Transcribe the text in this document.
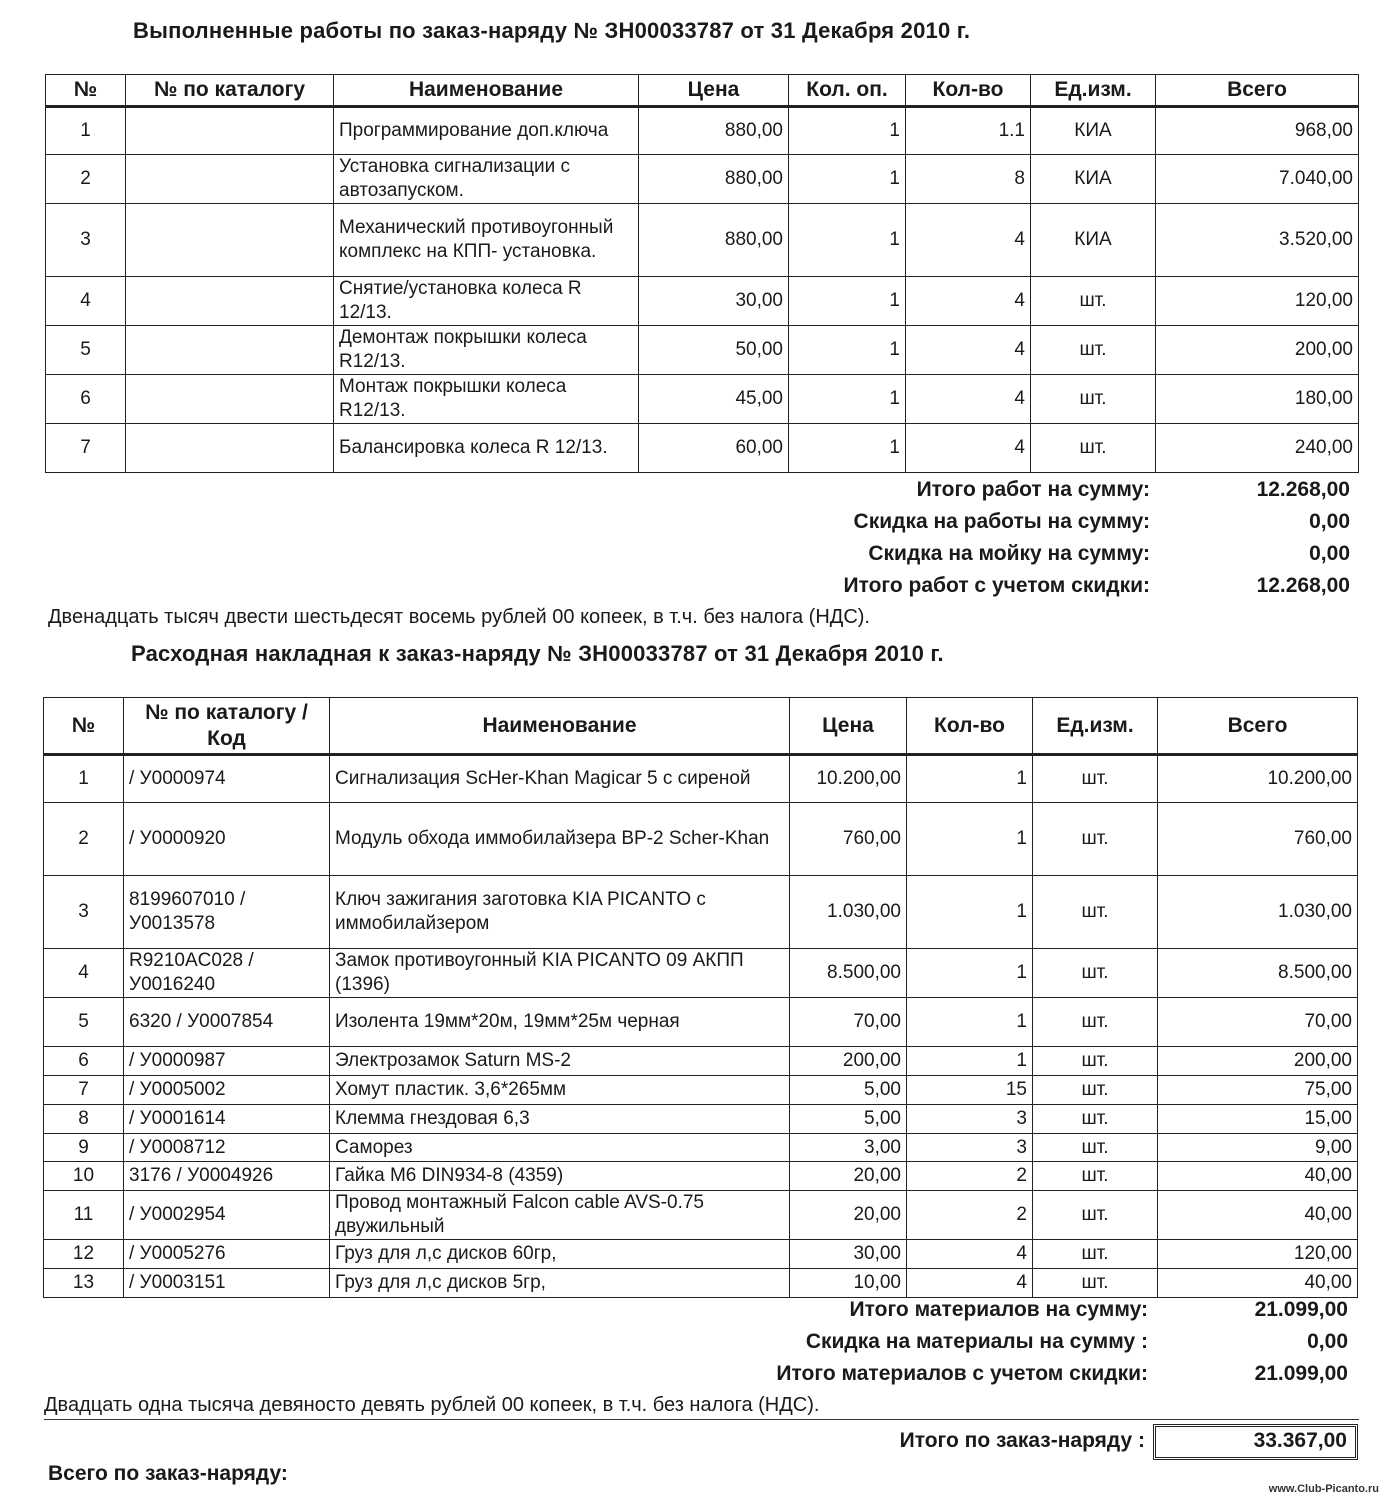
Выполненные работы по заказ-наряду № ЗН00033787 от 31 Декабря 2010 г.
№	№ по каталогу	Наименование	Цена	Кол. оп.	Кол-во	Ед.изм.	Всего
1		Программирование доп.ключа	880,00	1	1.1	КИА	968,00
2		Установка сигнализации с автозапуском.	880,00	1	8	КИА	7.040,00
3		Механический противоугонный комплекс на КПП- установка.	880,00	1	4	КИА	3.520,00
4		Снятие/установка колеса R 12/13.	30,00	1	4	шт.	120,00
5		Демонтаж покрышки колеса R12/13.	50,00	1	4	шт.	200,00
6		Монтаж покрышки колеса R12/13.	45,00	1	4	шт.	180,00
7		Балансировка колеса R 12/13.	60,00	1	4	шт.	240,00
Итого работ на сумму:	12.268,00
Скидка на работы на сумму:	0,00
Скидка на мойку на сумму:	0,00
Итого работ с учетом скидки:	12.268,00
Двенадцать тысяч двести шестьдесят восемь рублей 00 копеек, в т.ч. без налога (НДС).
Расходная накладная к заказ-наряду № ЗН00033787 от 31 Декабря 2010 г.
№	№ по каталогу / Код	Наименование	Цена	Кол-во	Ед.изм.	Всего
1	/ У0000974	Сигнализация ScHer-Khan Magicar 5 с сиреной	10.200,00	1	шт.	10.200,00
2	/ У0000920	Модуль обхода иммобилайзера ВР-2 Scher-Khan	760,00	1	шт.	760,00
3	8199607010 / У0013578	Ключ зажигания заготовка KIA PICANTO с иммобилайзером	1.030,00	1	шт.	1.030,00
4	R9210AC028 / У0016240	Замок противоугонный KIA PICANTO 09 АКПП (1396)	8.500,00	1	шт.	8.500,00
5	6320 / У0007854	Изолента 19мм*20м, 19мм*25м черная	70,00	1	шт.	70,00
6	/ У0000987	Электрозамок Saturn MS-2	200,00	1	шт.	200,00
7	/ У0005002	Хомут пластик. 3,6*265мм	5,00	15	шт.	75,00
8	/ У0001614	Клемма гнездовая 6,3	5,00	3	шт.	15,00
9	/ У0008712	Саморез	3,00	3	шт.	9,00
10	3176 / У0004926	Гайка М6 DIN934-8 (4359)	20,00	2	шт.	40,00
11	/ У0002954	Провод монтажный Falcon cable AVS-0.75 двужильный	20,00	2	шт.	40,00
12	/ У0005276	Груз для л,с дисков 60гр,	30,00	4	шт.	120,00
13	/ У0003151	Груз для л,с дисков 5гр,	10,00	4	шт.	40,00
Итого материалов на сумму:	21.099,00
Скидка на материалы на сумму :	0,00
Итого материалов с учетом скидки:	21.099,00
Двадцать одна тысяча девяносто девять рублей 00 копеек, в т.ч. без налога (НДС).
Итого по заказ-наряду :	33.367,00
Всего по заказ-наряду:
www.Club-Picanto.ru
